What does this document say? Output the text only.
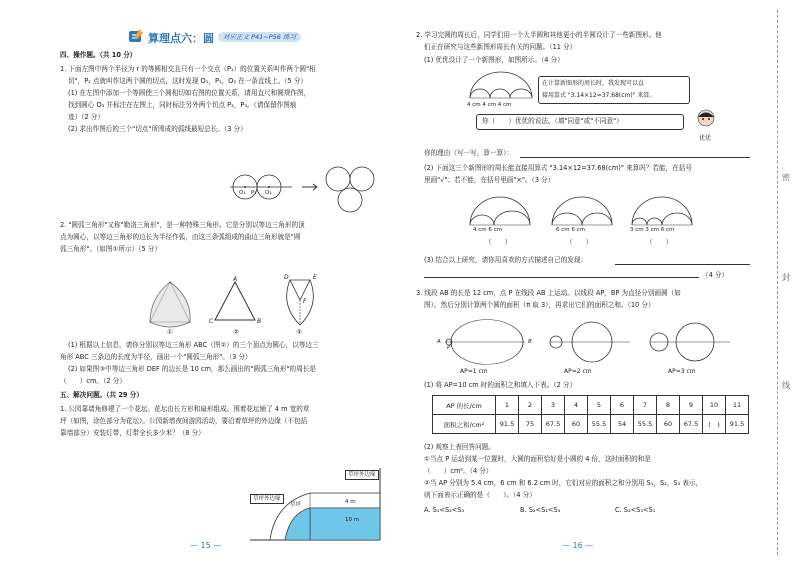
算理点六：圆	对应正文 P41~P56 练习
四、操作题。（共 10 分）
1. 下面左图中两个半径为 r 的等圆相交且只有一个交点（P₁）的位置关系叫作两个圆"相
切"，P₁ 点就叫作这两个圆的切点，这时发现 O₁，P₁，O₂ 在一条直线上。（5 分）
(1) 在左图中添加一个等圆使三个圆相切如右图的位置关系，请用直尺和圆规作图，
找到圆心 O₃ 并标注在左图上，同时标注另外两个切点 P₂，P₃。（请保留作图痕
迹）（2 分）
(2) 求出作图后的三个"切点"所围成的弧线最短总长。（3 分）
O₁ P₁ O₂
2. "圆弧三角形"又称"勒洛三角形"，是一种特殊三角形。它是分别以等边三角形的顶
点为圆心，以等边三角形的边长为半径作弧，由这三条弧组成的曲边三角形就是"圆
弧三角形"。（如图①所示）（5 分）
①	②	③
A
C	B
D	E
F
(1) 根据以上信息，请你分别以等边三角形 ABC（图②）的三个顶点为圆心，以等边三
角形 ABC 三条边的长度为半径，画出一个"圆弧三角形"。（3 分）
(2) 如果图③中等边三角形 DEF 的边长是 10 cm，那么画出的"圆弧三角形"的周长是
（　　）cm。（2 分）
五、解决问题。（共 29 分）
1. 公园靠墙角修建了一个花坛。花坛由长方形和扇形组成。围着花坛铺了 4 m 宽的草
坪（如图，涂色部分为花坛）。公园新增夜间游园活动，要沿着草坪的外边缘（不包括
靠墙部分）安装灯带，灯带全长多少米？（8 分）
草坪外边缘
草坪外边缘
草坪	4 m
10 m
— 15 —
2. 学习完圆的周长后，同学们用一个大半圆和其他更小的半圆设计了一些新图形。他
们正在研究与这些新图形周长有关的问题。（11 分）
(1) 优优设计了一个新图形，如图所示。（4 分）
4 cm 4 cm 4 cm
在计算新图形的周长时，我发现可以直
接用算式 "3.14×12=37.68(cm)" 来算。
优优
你（　　）优优的说法。（填"同意"或"不同意"）
你的理由（写一写，算一算）：
(2) 下面这三个新图形的周长能直接用算式 "3.14×12=37.68(cm)" 来算吗？若能，在括号
里画"√"；若不能，在括号里画"×"。（3 分）
4 cm 6 cm	6 cm 6 cm	3 cm 3 cm 6 cm
（　　）	（　　）	（　　）
(3) 结合以上研究，请你用喜欢的方式描述自己的发现：
（4 分）
3. 线段 AB 的长是 12 cm，点 P 在线段 AB 上运动。以线段 AP，BP 为直径分别画圆（如
图）。然后分别计算两个圆的面积（π 取 3），再求出它们的面积之和。（10 分）
A	B
P
AP=1 cm	AP=2 cm	AP=3 cm
(1) 将 AP=10 cm 时的面积之和填入下表。（2 分）
AP 的长/cm	1	2	3	4	5	6	7	8	9	10	11
面积之和/cm²	91.5	75	67.5	60	55.5	54	55.5	60	67.5	(　)	91.5
(2) 观察上表回答问题。
①当点 P 运动到某一位置时，大圆的面积恰好是小圆的 4 倍，这时面积的和是
（　　）cm²。（4 分）
②当 AP 分别为 5.4 cm，6 cm 和 6.2 cm 时，它们对应的面积之和分别用 S₁，S₂，S₃ 表示，
则下面表示正确的是（　　）。（4 分）
A. S₁<S₂<S₃	B. S₂<S₁<S₃	C. S₂<S₃<S₁
— 16 —
密
封
线
